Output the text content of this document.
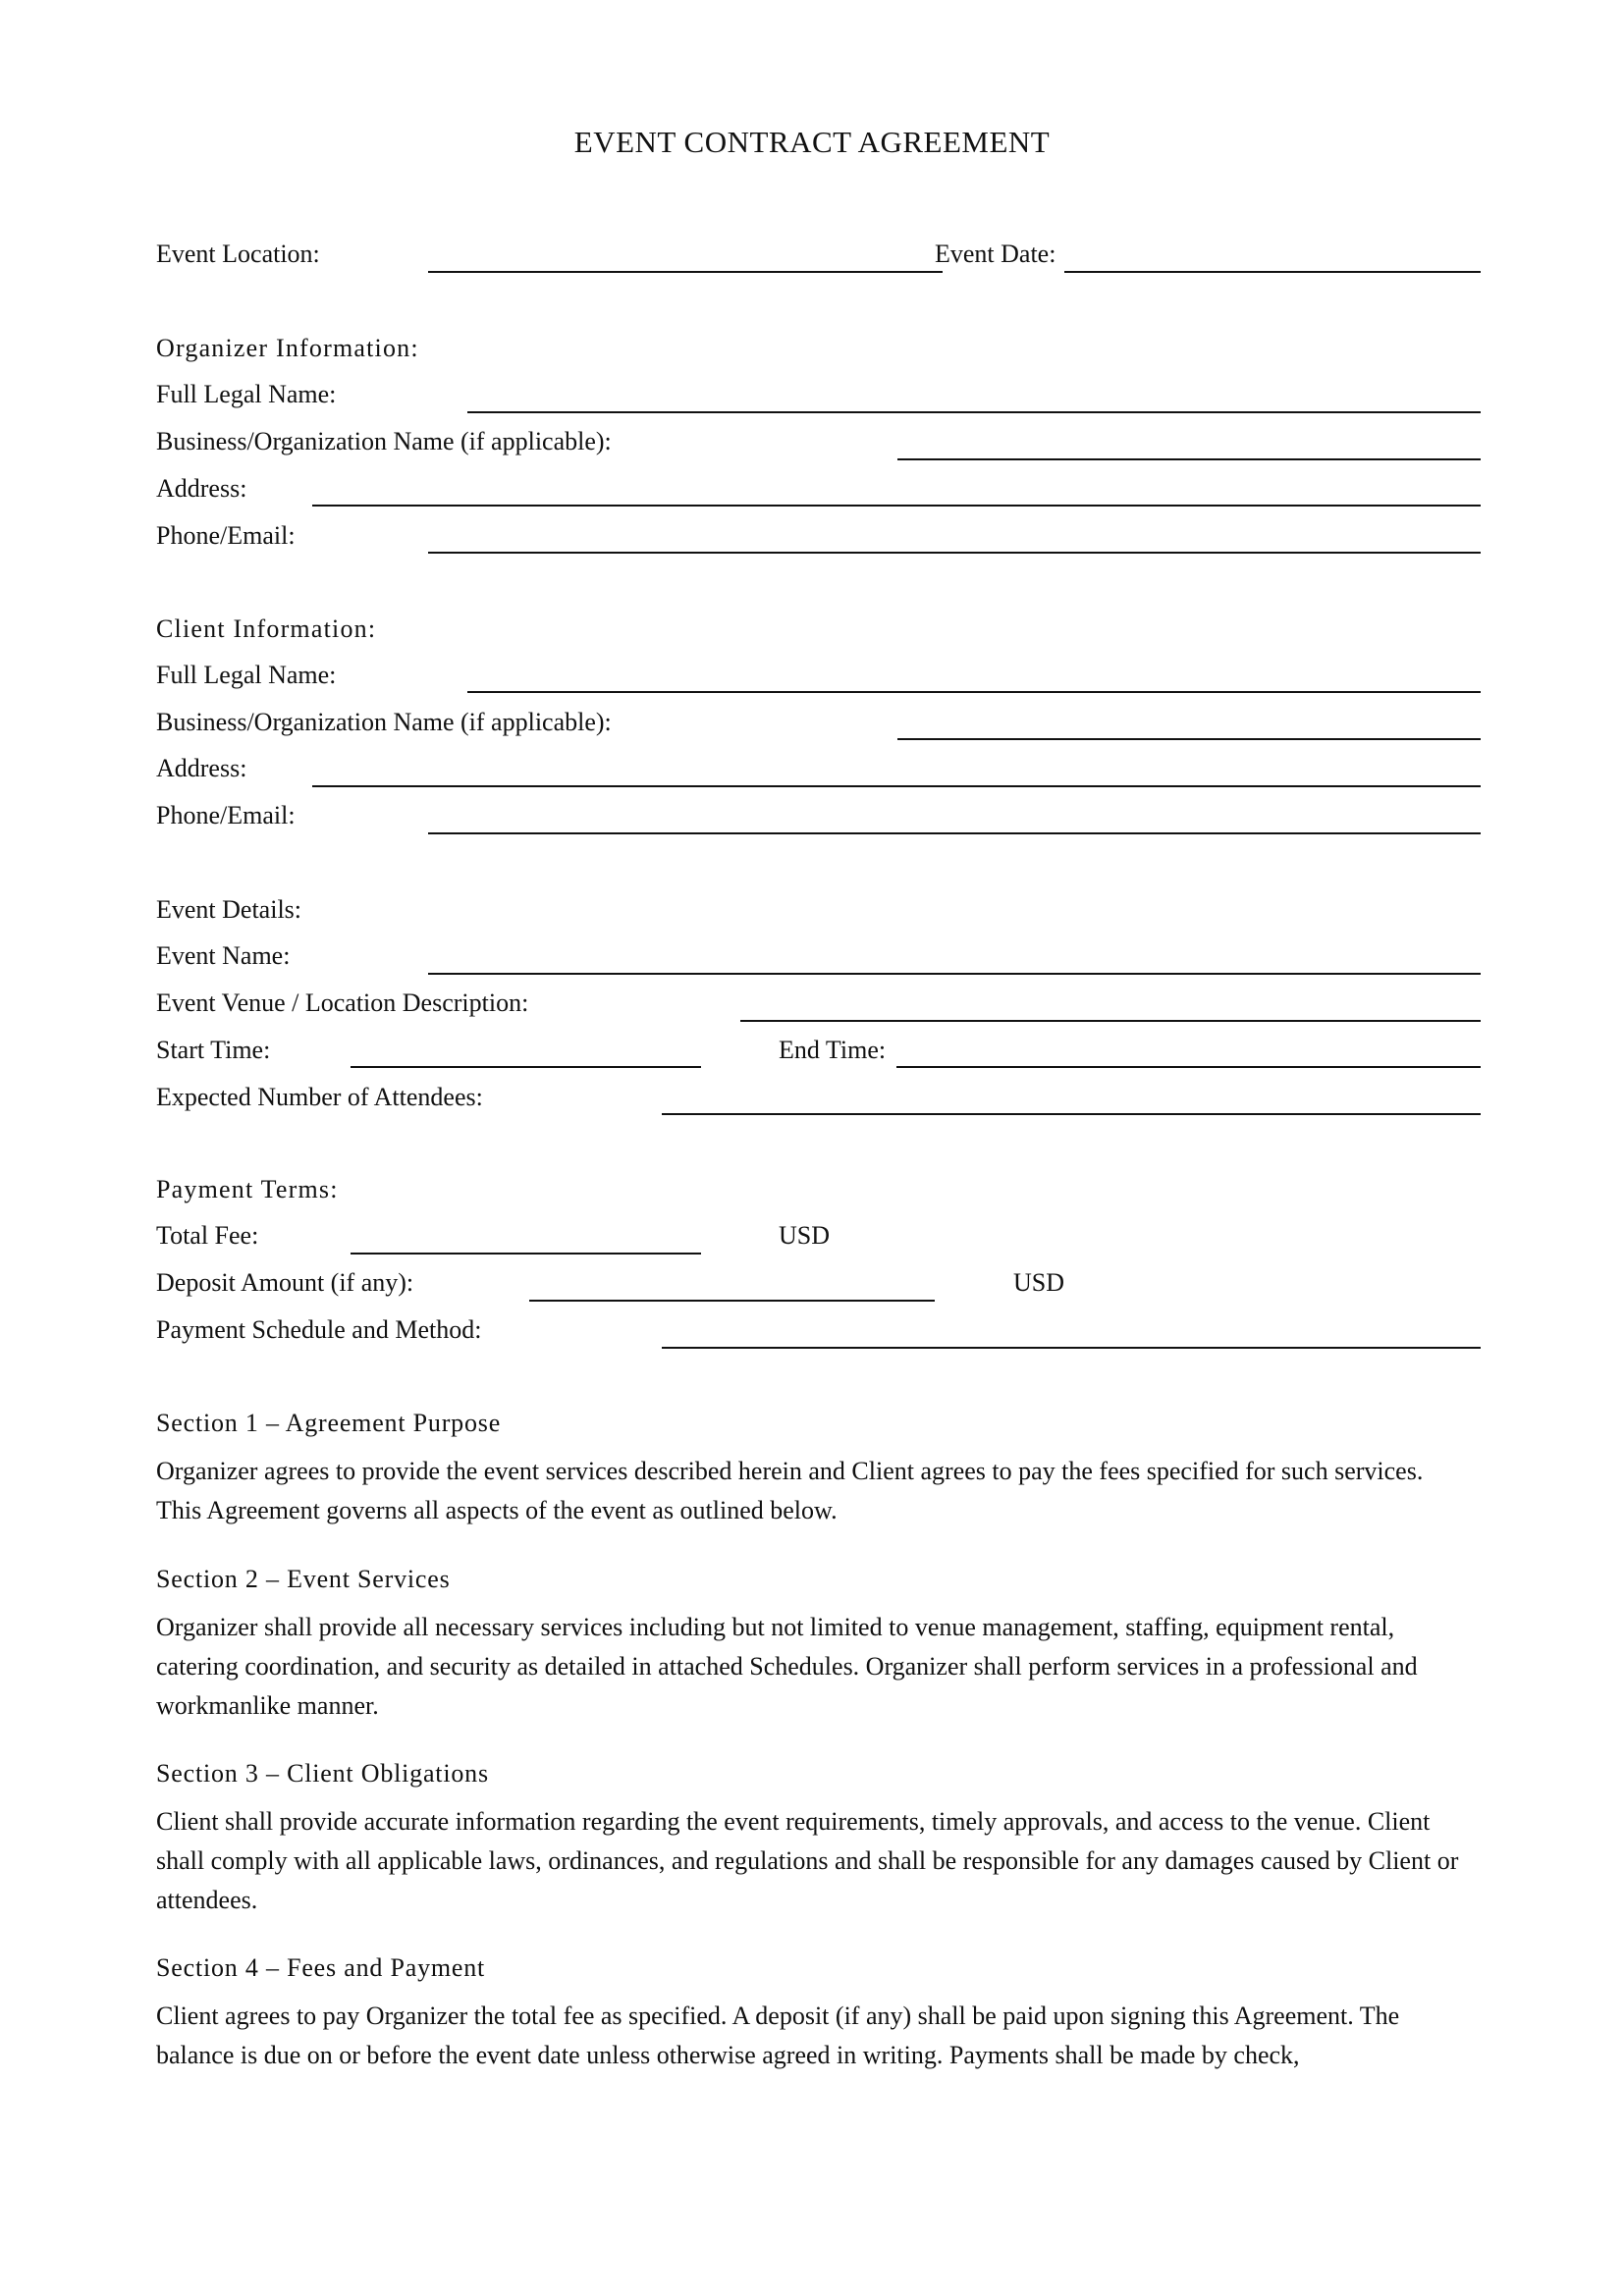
EVENT CONTRACT AGREEMENT
Event Location:	Event Date:
Organizer Information:
Full Legal Name:
Business/Organization Name (if applicable):
Address:
Phone/Email:
Client Information:
Full Legal Name:
Business/Organization Name (if applicable):
Address:
Phone/Email:
Event Details:
Event Name:
Event Venue / Location Description:
Start Time:	End Time:
Expected Number of Attendees:
Payment Terms:
Total Fee:	USD
Deposit Amount (if any):	USD
Payment Schedule and Method:
Section 1 – Agreement Purpose

Organizer agrees to provide the event services described herein and Client agrees to pay the fees specified for such services. This Agreement governs all aspects of the event as outlined below.

Section 2 – Event Services

Organizer shall provide all necessary services including but not limited to venue management, staffing, equipment rental, catering coordination, and security as detailed in attached Schedules. Organizer shall perform services in a professional and workmanlike manner.

Section 3 – Client Obligations

Client shall provide accurate information regarding the event requirements, timely approvals, and access to the venue. Client shall comply with all applicable laws, ordinances, and regulations and shall be responsible for any damages caused by Client or attendees.

Section 4 – Fees and Payment

Client agrees to pay Organizer the total fee as specified. A deposit (if any) shall be paid upon signing this Agreement. The balance is due on or before the event date unless otherwise agreed in writing. Payments shall be made by check,
